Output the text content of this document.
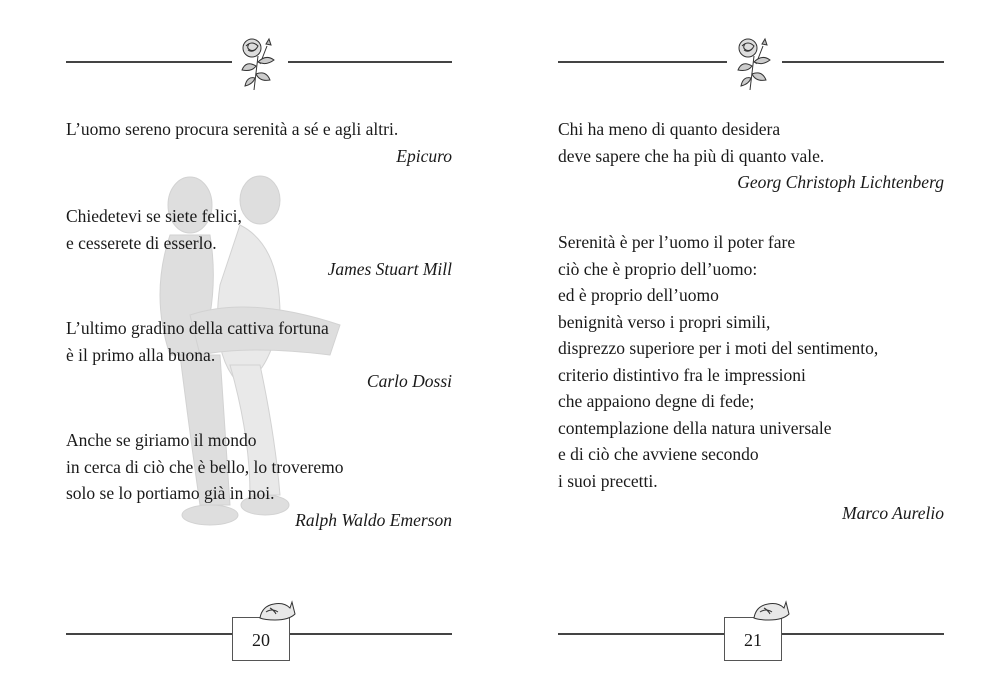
L’uomo sereno procura serenità a sé e agli altri.
Epicuro
Chiedetevi se siete felici,
e cesserete di esserlo.
James Stuart Mill
L’ultimo gradino della cattiva fortuna
è il primo alla buona.
Carlo Dossi
Anche se giriamo il mondo
in cerca di ciò che è bello, lo troveremo
solo se lo portiamo già in noi.
Ralph Waldo Emerson
20
Chi ha meno di quanto desidera
deve sapere che ha più di quanto vale.
Georg Christoph Lichtenberg
Serenità è per l’uomo il poter fare
ciò che è proprio dell’uomo:
ed è proprio dell’uomo
benignità verso i propri simili,
disprezzo superiore per i moti del sentimento,
criterio distintivo fra le impressioni
che appaiono degne di fede;
contemplazione della natura universale
e di ciò che avviene secondo
i suoi precetti.
Marco Aurelio
21
